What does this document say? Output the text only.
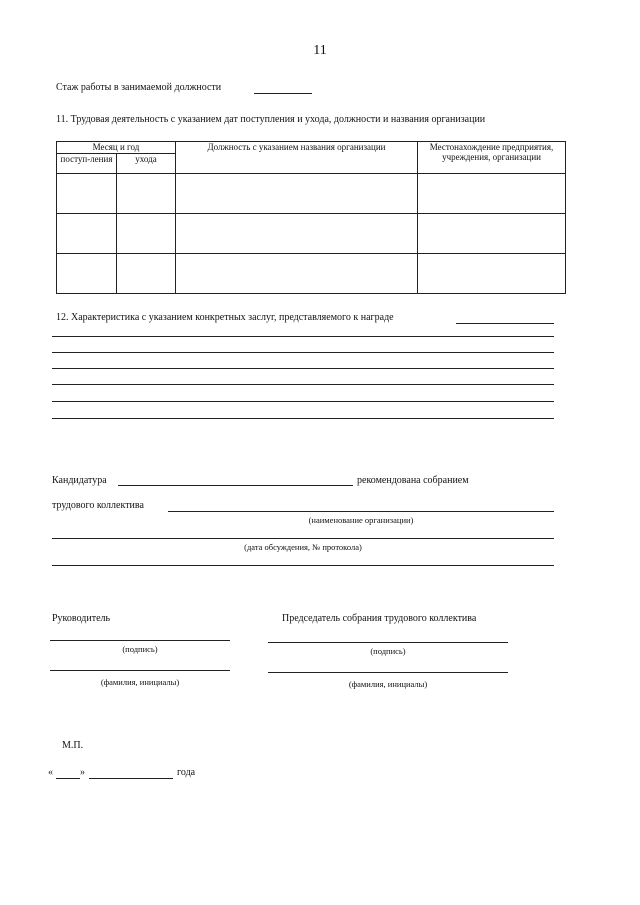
11
Стаж работы в занимаемой должности
11. Трудовая деятельность с указанием дат поступления и ухода, должности и названия организации
Месяц и год		Должность с указанием названия организации	Местонахождение предприятия, учреждения, организации
поступ-ления	ухода		

12. Характеристика с указанием конкретных заслуг, представляемого к награде
Кандидатура	рекомендована собранием
трудового коллектива
(наименование организации)
(дата обсуждения, № протокола)
Руководитель	Председатель собрания трудового коллектива
(подпись)	(подпись)
(фамилия, инициалы)	(фамилия, инициалы)
М.П.
«	»	года
